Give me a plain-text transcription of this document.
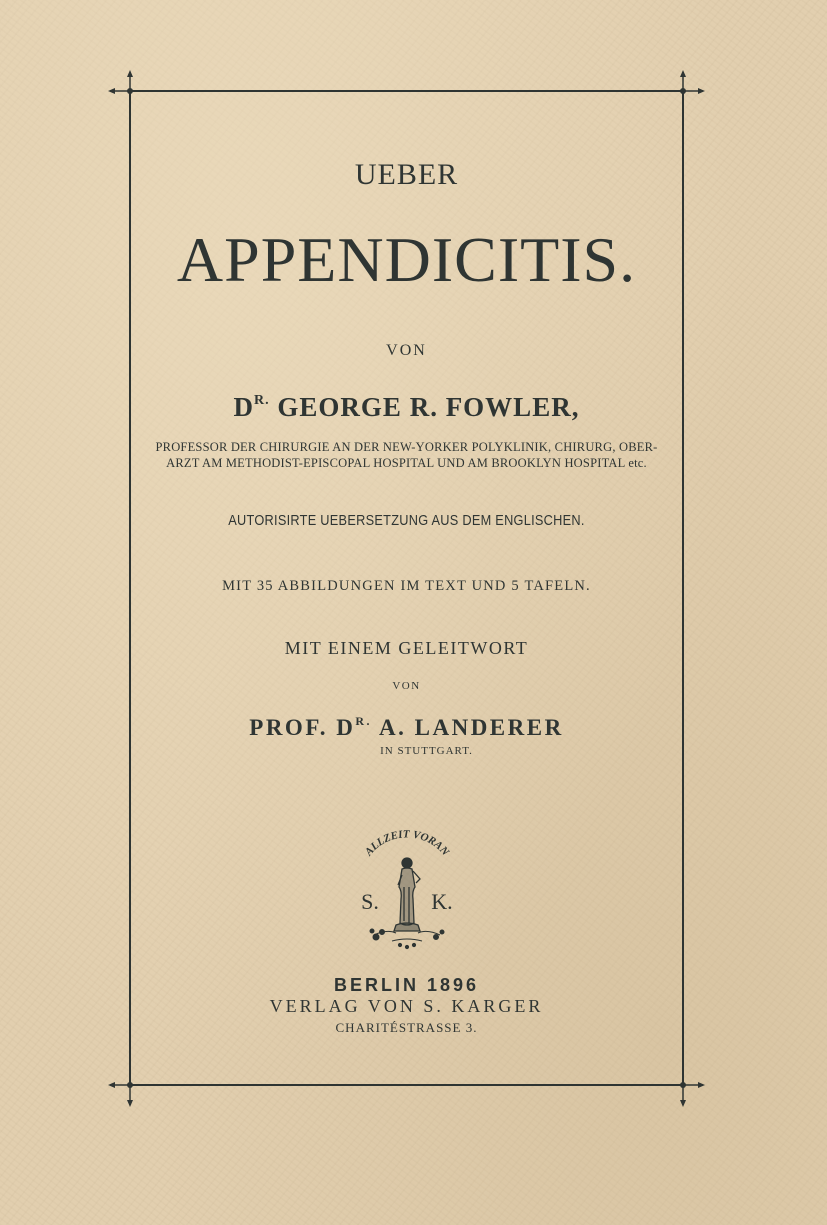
UEBER
APPENDICITIS.
VON
$D^{R.}$ GEORGE R. FOWLER,
PROFESSOR DER CHIRURGIE AN DER NEW-YORKER POLYKLINIK, CHIRURG, OBER-
ARZT AM METHODIST-EPISCOPAL HOSPITAL UND AM BROOKLYN HOSPITAL etc.
AUTORISIRTE UEBERSETZUNG AUS DEM ENGLISCHEN.
MIT 35 ABBILDUNGEN IM TEXT UND 5 TAFELN.
MIT EINEM GELEITWORT
VON
PROF. $D^{R.}$ A. LANDERER
IN STUTTGART.
ALLZEIT VORAN
S. K.
BERLIN 1896
VERLAG VON S. KARGER
CHARITÉSTRASSE 3.
